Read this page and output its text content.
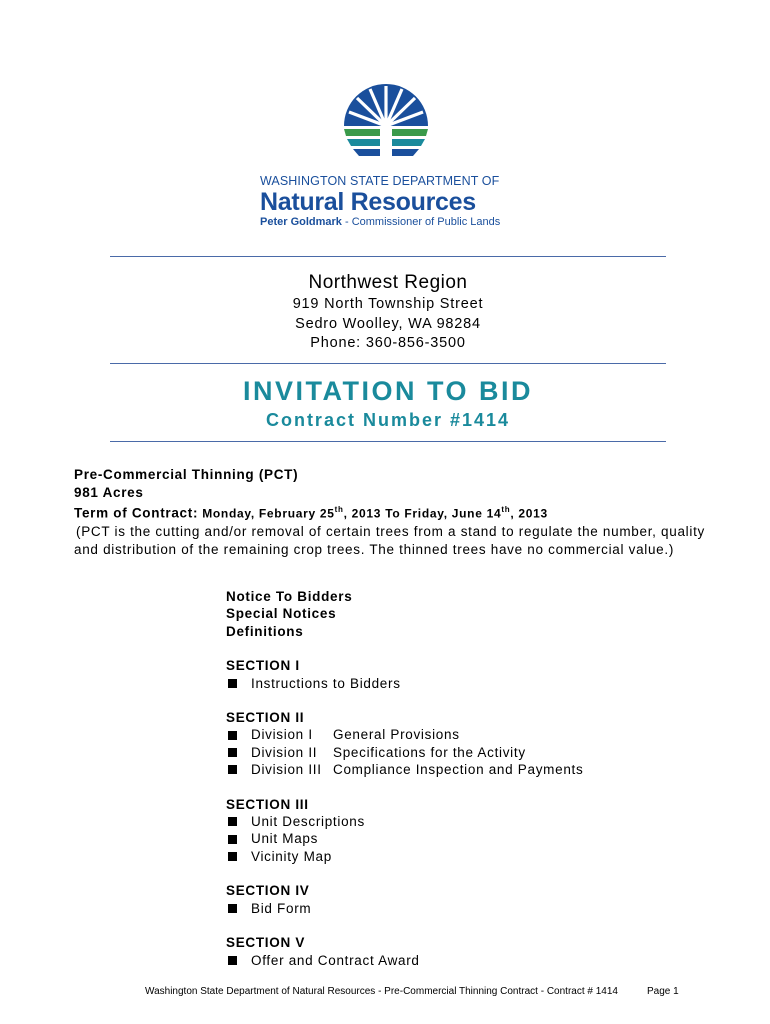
WASHINGTON STATE DEPARTMENT OF
Natural Resources
Peter Goldmark - Commissioner of Public Lands
Northwest Region
919 North Township Street
Sedro Woolley, WA 98284
Phone: 360-856-3500
INVITATION TO BID
Contract Number #1414
Pre-Commercial Thinning (PCT)
981 Acres
Term of Contract: Monday, February 25th, 2013 To Friday, June 14th, 2013
(PCT is the cutting and/or removal of certain trees from a stand to regulate the number, quality and distribution of the remaining crop trees. The thinned trees have no commercial value.)
Notice To Bidders
Special Notices
Definitions
SECTION I
Instructions to Bidders
SECTION II
Division I	General Provisions
Division II	Specifications for the Activity
Division III Compliance Inspection and Payments
SECTION III
Unit Descriptions
Unit Maps
Vicinity Map
SECTION IV
Bid Form
SECTION V
Offer and Contract Award
Washington State Department of Natural Resources - Pre-Commercial Thinning Contract - Contract # 1414	Page 1
